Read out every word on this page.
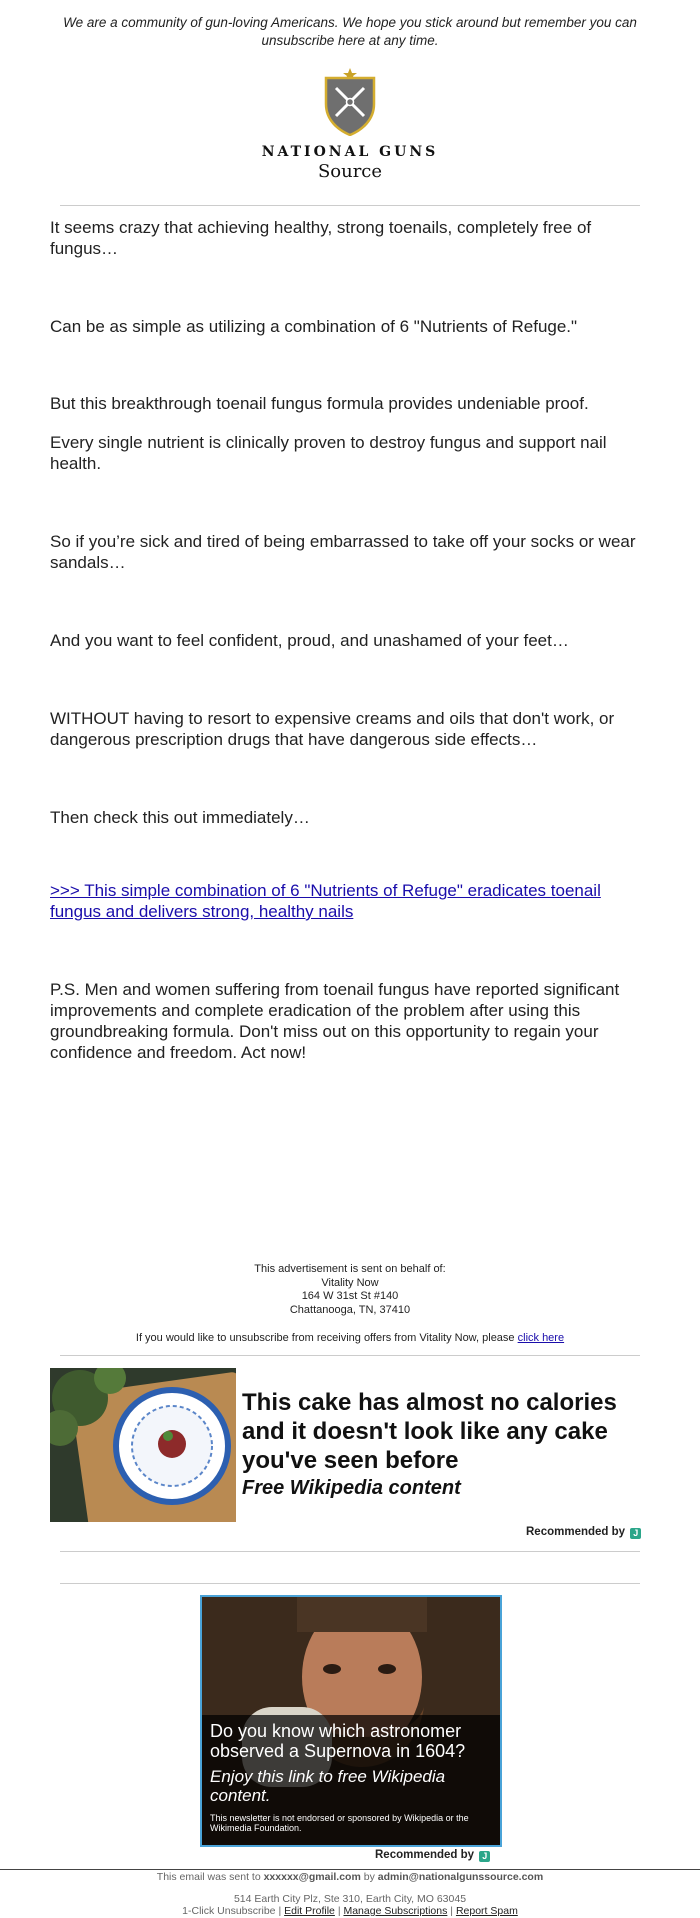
We are a community of gun-loving Americans. We hope you stick around but remember you can unsubscribe here at any time.
NATIONAL GUNS
Source
It seems crazy that achieving healthy, strong toenails, completely free of fungus…
Can be as simple as utilizing a combination of 6 "Nutrients of Refuge."
But this breakthrough toenail fungus formula provides undeniable proof.
Every single nutrient is clinically proven to destroy fungus and support nail health.
So if you’re sick and tired of being embarrassed to take off your socks or wear sandals…
And you want to feel confident, proud, and unashamed of your feet…
WITHOUT having to resort to expensive creams and oils that don't work, or dangerous prescription drugs that have dangerous side effects…
Then check this out immediately…
>>> This simple combination of 6 "Nutrients of Refuge" eradicates toenail fungus and delivers strong, healthy nails
P.S. Men and women suffering from toenail fungus have reported significant improvements and complete eradication of the problem after using this groundbreaking formula. Don't miss out on this opportunity to regain your confidence and freedom. Act now!
This advertisement is sent on behalf of:
Vitality Now
164 W 31st St #140
Chattanooga, TN, 37410
If you would like to unsubscribe from receiving offers from Vitality Now, please click here
This cake has almost no calories and it doesn't look like any cake you've seen before
Free Wikipedia content
Recommended by J
Do you know which astronomer observed a Supernova in 1604?
Enjoy this link to free Wikipedia content.
This newsletter is not endorsed or sponsored by Wikipedia or the Wikimedia Foundation.
Recommended by J
This email was sent to xxxxxx@gmail.com by admin@nationalgunssource.com
514 Earth City Plz, Ste 310, Earth City, MO 63045
1-Click Unsubscribe | Edit Profile | Manage Subscriptions | Report Spam
